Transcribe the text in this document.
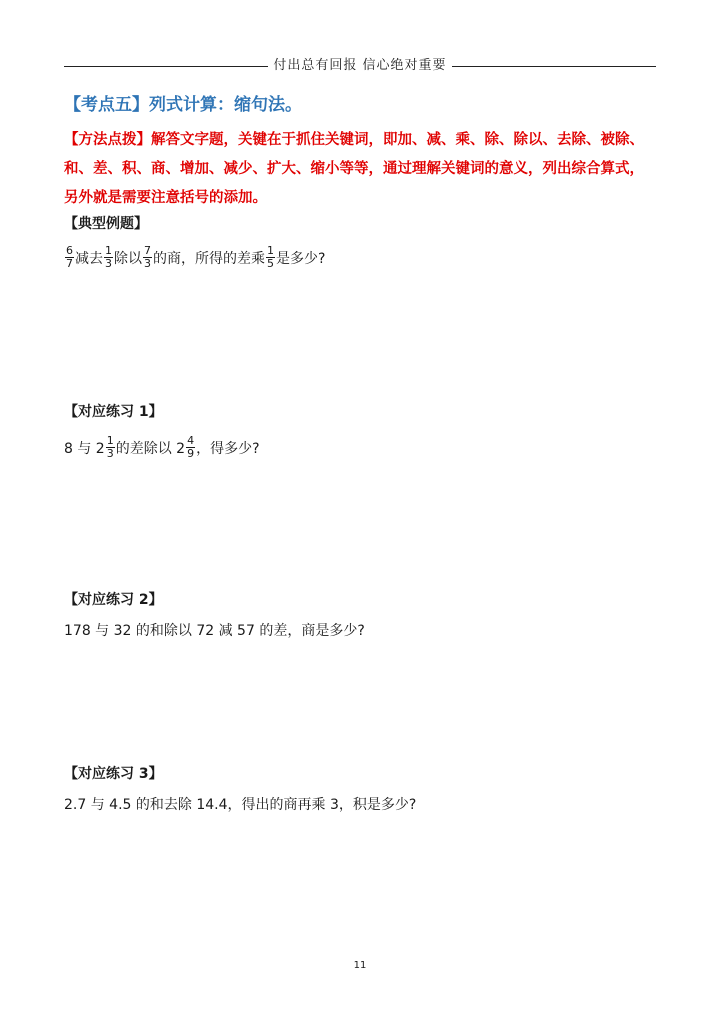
付出总有回报 信心绝对重要
【考点五】列式计算：缩句法。
【方法点拨】解答文字题，关键在于抓住关键词，即加、减、乘、除、除以、去除、被除、
和、差、积、商、增加、减少、扩大、缩小等等，通过理解关键词的意义，列出综合算式，
另外就是需要注意括号的添加。
【典型例题】
$\frac{6}{7}$ 减去 $\frac{1}{3}$ 除以 $\frac{7}{3}$ 的商，所得的差乘 $\frac{1}{5}$ 是多少?
【对应练习 1】
8 与 $2 \frac{1}{3}$ 的差除以 $2 \frac{4}{9}$ ，得多少?
【对应练习 2】
178 与 32 的和除以 72 减 57 的差，商是多少?
【对应练习 3】
2.7 与 4.5 的和去除 14.4，得出的商再乘 3，积是多少?
11
